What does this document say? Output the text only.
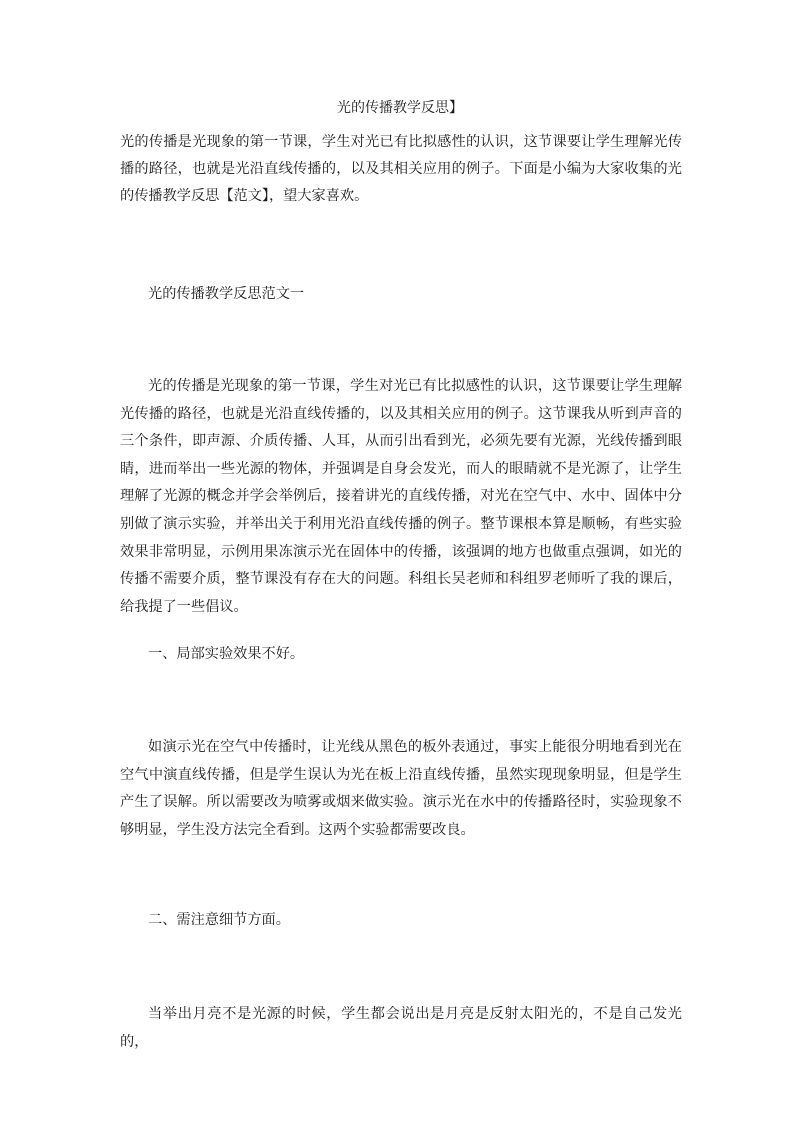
光的传播教学反思】

光的传播是光现象的第一节课，学生对光已有比拟感性的认识，这节课要让学生理解光传播的路径，也就是光沿直线传播的，以及其相关应用的例子。下面是小编为大家收集的光的传播教学反思【范文】，望大家喜欢。

光的传播教学反思范文一

光的传播是光现象的第一节课，学生对光已有比拟感性的认识，这节课要让学生理解光传播的路径，也就是光沿直线传播的，以及其相关应用的例子。这节课我从听到声音的三个条件，即声源、介质传播、人耳，从而引出看到光，必须先要有光源，光线传播到眼睛，进而举出一些光源的物体，并强调是自身会发光，而人的眼睛就不是光源了，让学生理解了光源的概念并学会举例后，接着讲光的直线传播，对光在空气中、水中、固体中分别做了演示实验，并举出关于利用光沿直线传播的例子。整节课根本算是顺畅，有些实验效果非常明显，示例用果冻演示光在固体中的传播，该强调的地方也做重点强调，如光的传播不需要介质，整节课没有存在大的问题。科组长吴老师和科组罗老师听了我的课后，给我提了一些倡议。

一、局部实验效果不好。

如演示光在空气中传播时，让光线从黑色的板外表通过，事实上能很分明地看到光在空气中演直线传播，但是学生误认为光在板上沿直线传播，虽然实现现象明显，但是学生产生了误解。所以需要改为喷雾或烟来做实验。演示光在水中的传播路径时，实验现象不够明显，学生没方法完全看到。这两个实验都需要改良。

二、需注意细节方面。

当举出月亮不是光源的时候，学生都会说出是月亮是反射太阳光的，不是自己发光的，
